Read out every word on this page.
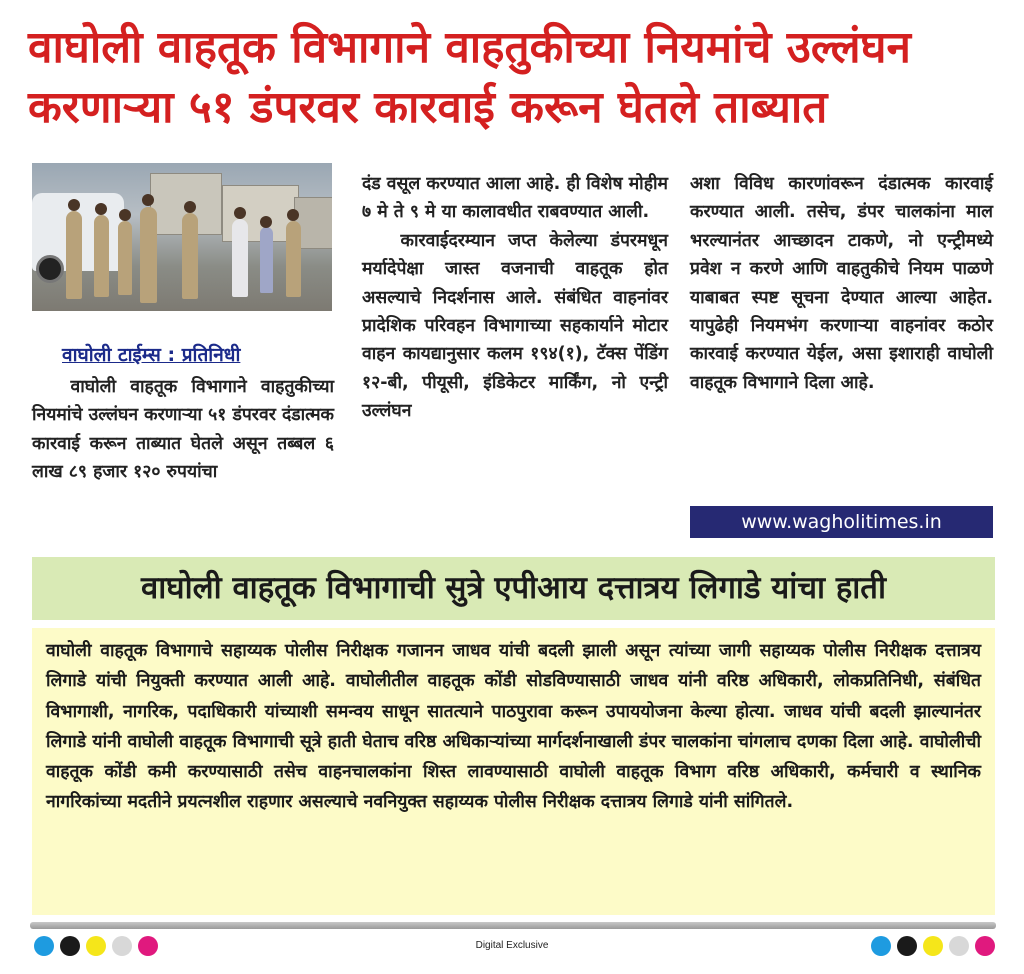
वाघोली वाहतूक विभागाने वाहतुकीच्या नियमांचे उल्लंघन करणाऱ्या ५१ डंपरवर कारवाई करून घेतले ताब्यात

वाघोली टाईम्स : प्रतिनिधी

वाघोली वाहतूक विभागाने वाहतुकीच्या नियमांचे उल्लंघन करणाऱ्या ५१ डंपरवर दंडात्मक कारवाई करून ताब्यात घेतले असून तब्बल ६ लाख ८९ हजार १२० रुपयांचा

दंड वसूल करण्यात आला आहे. ही विशेष मोहीम ७ मे ते ९ मे या कालावधीत राबवण्यात आली.

कारवाईदरम्यान जप्त केलेल्या डंपरमधून मर्यादेपेक्षा जास्त वजनाची वाहतूक होत असल्याचे निदर्शनास आले. संबंधित वाहनांवर प्रादेशिक परिवहन विभागाच्या सहकार्याने मोटार वाहन कायद्यानुसार कलम १९४(१), टॅक्स पेंडिंग १२-बी, पीयूसी, इंडिकेटर मार्किंग, नो एन्ट्री उल्लंघन

अशा विविध कारणांवरून दंडात्मक कारवाई करण्यात आली. तसेच, डंपर चालकांना माल भरल्यानंतर आच्छादन टाकणे, नो एन्ट्रीमध्ये प्रवेश न करणे आणि वाहतुकीचे नियम पाळणे याबाबत स्पष्ट सूचना देण्यात आल्या आहेत. यापुढेही नियमभंग करणाऱ्या वाहनांवर कठोर कारवाई करण्यात येईल, असा इशाराही वाघोली वाहतूक विभागाने दिला आहे.

www.wagholitimes.in

वाघोली वाहतूक विभागाची सुत्रे एपीआय दत्तात्रय लिगाडे यांचा हाती

वाघोली वाहतूक विभागाचे सहाय्यक पोलीस निरीक्षक गजानन जाधव यांची बदली झाली असून त्यांच्या जागी सहाय्यक पोलीस निरीक्षक दत्तात्रय लिगाडे यांची नियुक्ती करण्यात आली आहे. वाघोलीतील वाहतूक कोंडी सोडविण्यासाठी जाधव यांनी वरिष्ठ अधिकारी, लोकप्रतिनिधी, संबंधित विभागाशी, नागरिक, पदाधिकारी यांच्याशी समन्वय साधून सातत्याने पाठपुरावा करून उपाययोजना केल्या होत्या. जाधव यांची बदली झाल्यानंतर लिगाडे यांनी वाघोली वाहतूक विभागाची सूत्रे हाती घेताच वरिष्ठ अधिकाऱ्यांच्या मार्गदर्शनाखाली डंपर चालकांना चांगलाच दणका दिला आहे. वाघोलीची वाहतूक कोंडी कमी करण्यासाठी तसेच वाहनचालकांना शिस्त लावण्यासाठी वाघोली वाहतूक विभाग वरिष्ठ अधिकारी, कर्मचारी व स्थानिक नागरिकांच्या मदतीने प्रयत्नशील राहणार असल्याचे नवनियुक्त सहाय्यक पोलीस निरीक्षक दत्तात्रय लिगाडे यांनी सांगितले.

Digital Exclusive
